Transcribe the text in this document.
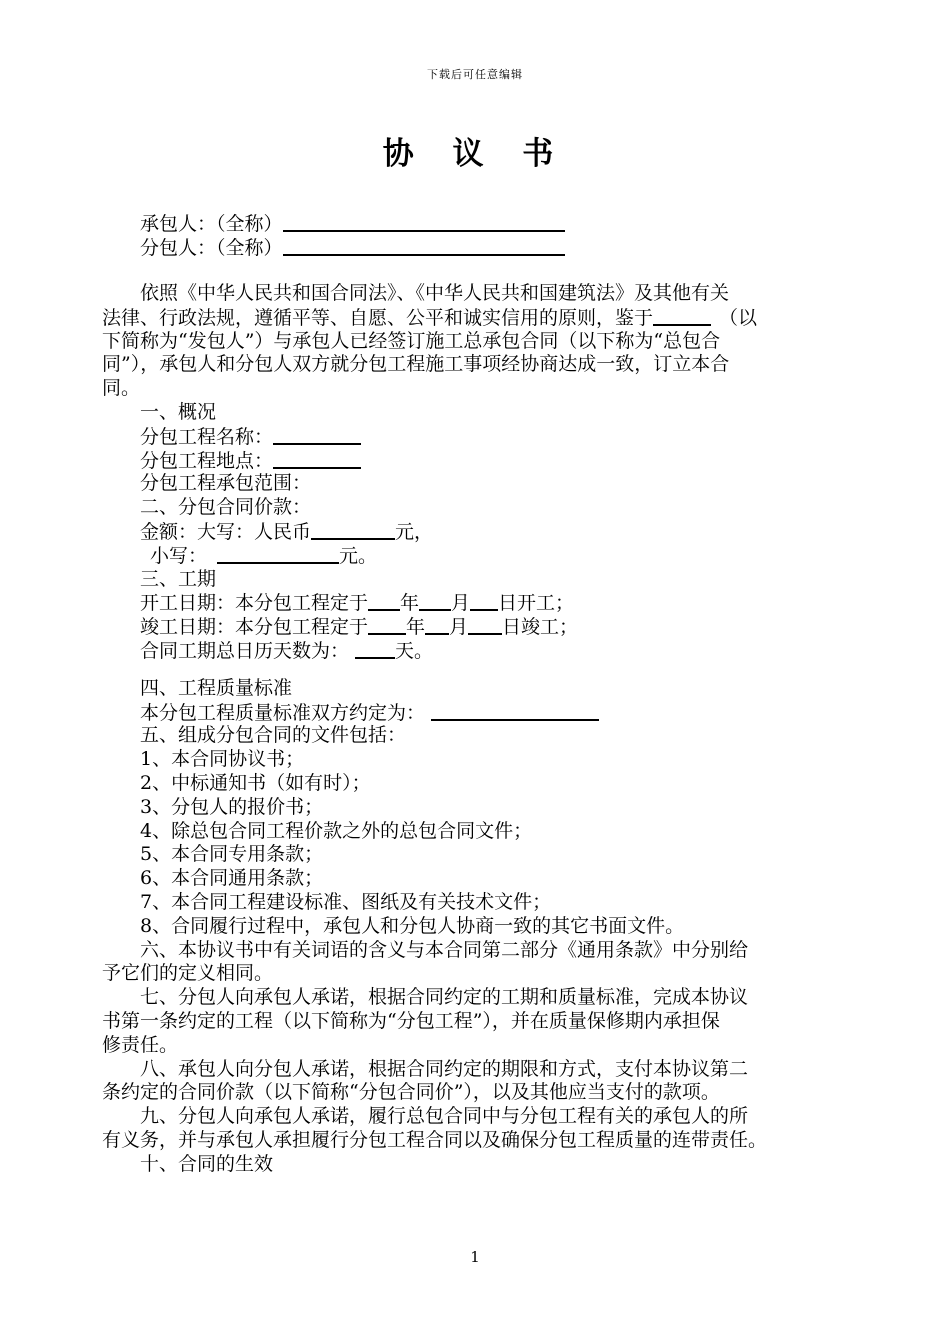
下载后可任意编辑
协 议 书
承包人：（全称）
分包人：（全称）
依照《中华人民共和国合同法》、《中华人民共和国建筑法》及其他有关
法律、行政法规，遵循平等、自愿、公平和诚实信用的原则，鉴于	（以
下简称为“发包人”）与承包人已经签订施工总承包合同（以下称为“总包合
同”），承包人和分包人双方就分包工程施工事项经协商达成一致，订立本合
同。
一、概况
分包工程名称：
分包工程地点：
分包工程承包范围：
二、分包合同价款：
金额：大写：人民币	元，
小写：	元。
三、工期
开工日期：本分包工程定于 年 月 日开工；
竣工日期：本分包工程定于 年 月 日竣工；
合同工期总日历天数为： 天。
四、工程质量标准
本分包工程质量标准双方约定为：
五、组成分包合同的文件包括：
1、本合同协议书；
2、中标通知书（如有时）；
3、分包人的报价书；
4、除总包合同工程价款之外的总包合同文件；
5、本合同专用条款；
6、本合同通用条款；
7、本合同工程建设标准、图纸及有关技术文件；
8、合同履行过程中，承包人和分包人协商一致的其它书面文件。
六、本协议书中有关词语的含义与本合同第二部分《通用条款》中分别给
予它们的定义相同。
七、分包人向承包人承诺，根据合同约定的工期和质量标准，完成本协议
书第一条约定的工程（以下简称为“分包工程”），并在质量保修期内承担保
修责任。
八、承包人向分包人承诺，根据合同约定的期限和方式，支付本协议第二
条约定的合同价款（以下简称“分包合同价”），以及其他应当支付的款项。
九、分包人向承包人承诺，履行总包合同中与分包工程有关的承包人的所
有义务，并与承包人承担履行分包工程合同以及确保分包工程质量的连带责任。
十、合同的生效
1
